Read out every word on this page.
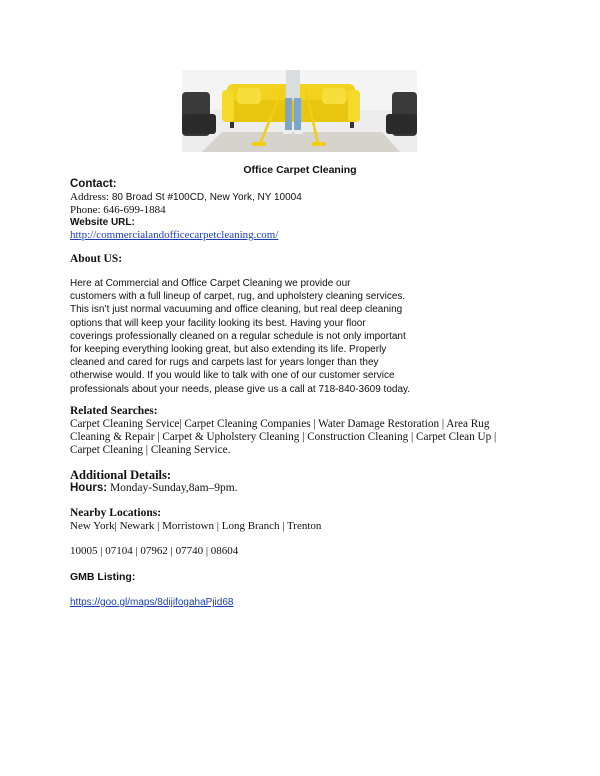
Office Carpet Cleaning
Contact:
Address: 80 Broad St #100CD, New York, NY 10004
Phone: 646-699-1884
Website URL:
http://commercialandofficecarpetcleaning.com/
About US:
Here at Commercial and Office Carpet Cleaning we provide our
customers with a full lineup of carpet, rug, and upholstery cleaning services.
This isn’t just normal vacuuming and office cleaning, but real deep cleaning
options that will keep your facility looking its best. Having your floor
coverings professionally cleaned on a regular schedule is not only important
for keeping everything looking great, but also extending its life. Properly
cleaned and cared for rugs and carpets last for years longer than they
otherwise would. If you would like to talk with one of our customer service
professionals about your needs, please give us a call at 718-840-3609 today.
Related Searches:
Carpet Cleaning Service| Carpet Cleaning Companies | Water Damage Restoration | Area Rug
Cleaning & Repair | Carpet & Upholstery Cleaning | Construction Cleaning | Carpet Clean Up |
Carpet Cleaning | Cleaning Service.
Additional Details:
Hours: Monday-Sunday,8am–9pm.
Nearby Locations:
New York| Newark | Morristown | Long Branch | Trenton
10005 | 07104 | 07962 | 07740 | 08604
GMB Listing:
https://goo.gl/maps/8dijifogahaPjid68
